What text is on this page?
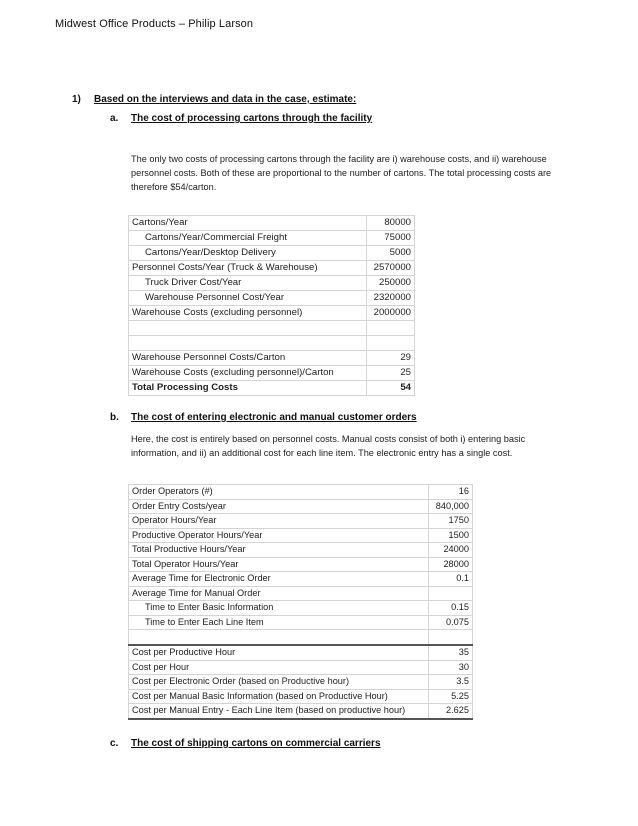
Midwest Office Products – Philip Larson
1) Based on the interviews and data in the case, estimate:
a. The cost of processing cartons through the facility

The only two costs of processing cartons through the facility are i) warehouse costs, and ii) warehouse

personnel costs. Both of these are proportional to the number of cartons. The total processing costs are

therefore $54/carton.

Cartons/Year	80000
Cartons/Year/Commercial Freight	75000
Cartons/Year/Desktop Delivery	5000
Personnel Costs/Year (Truck & Warehouse)	2570000
Truck Driver Cost/Year	250000
Warehouse Personnel Cost/Year	2320000
Warehouse Costs (excluding personnel)	2000000

Warehouse Personnel Costs/Carton	29
Warehouse Costs (excluding personnel)/Carton	25
Total Processing Costs	54
b. The cost of entering electronic and manual customer orders

Here, the cost is entirely based on personnel costs. Manual costs consist of both i) entering basic

information, and ii) an additional cost for each line item. The electronic entry has a single cost.

Order Operators (#)	16
Order Entry Costs/year	840,000
Operator Hours/Year	1750
Productive Operator Hours/Year	1500
Total Productive Hours/Year	24000
Total Operator Hours/Year	28000
Average Time for Electronic Order	0.1
Average Time for Manual Order	
Time to Enter Basic Information	0.15
Time to Enter Each Line Item	0.075

Cost per Productive Hour	35
Cost per Hour	30
Cost per Electronic Order (based on Productive hour)	3.5
Cost per Manual Basic Information (based on Productive Hour)	5.25
Cost per Manual Entry - Each Line Item (based on productive hour)	2.625
c. The cost of shipping cartons on commercial carriers
